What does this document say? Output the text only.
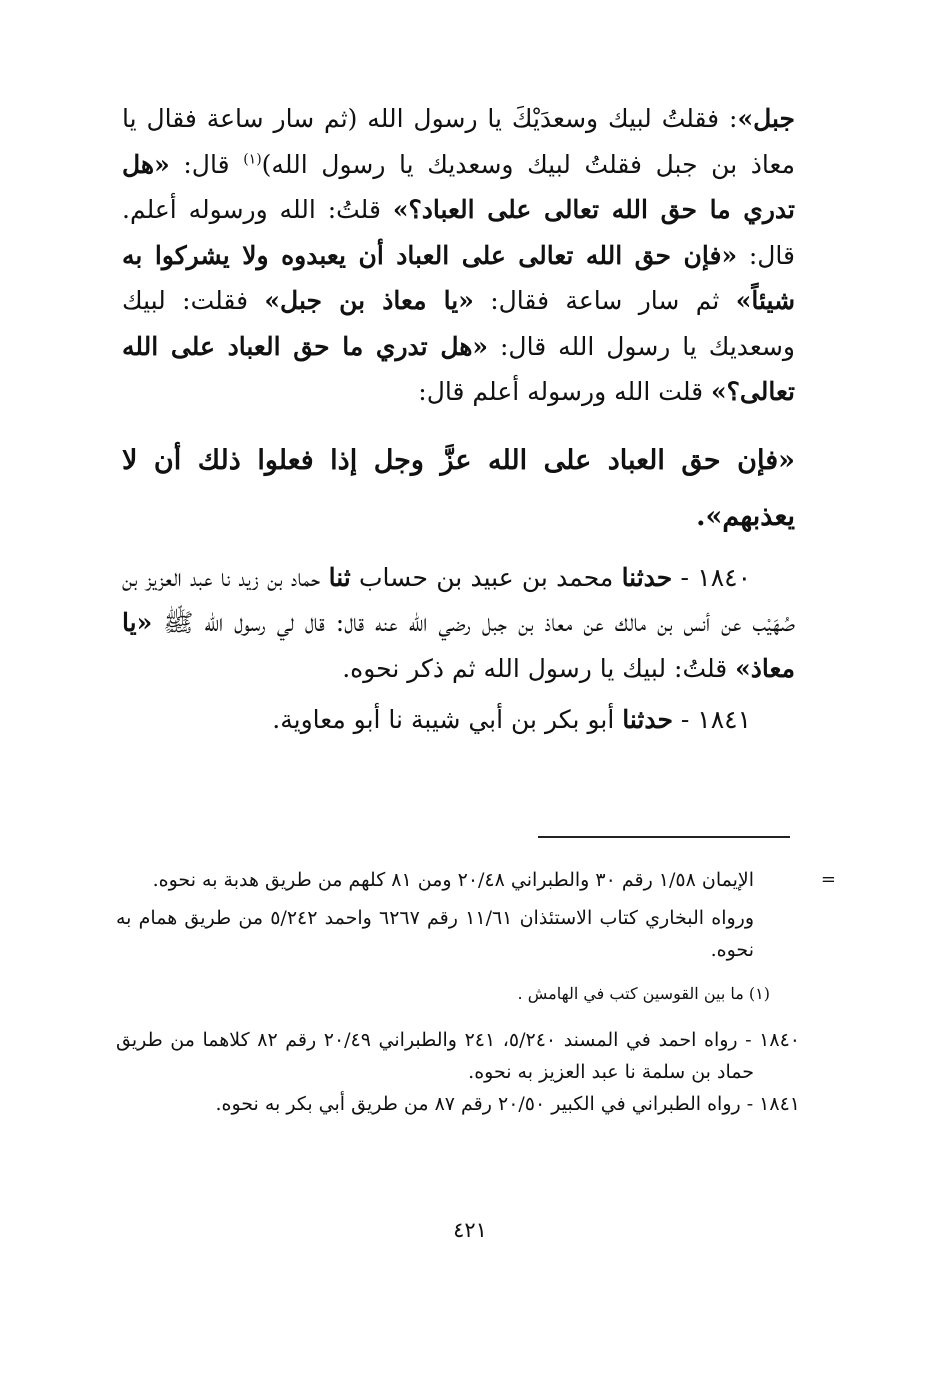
جبل»: فقلتُ لبيك وسعدَيْكَ يا رسول الله (ثم سار ساعة فقال يا معاذ بن جبل فقلتُ لبيك وسعديك يا رسول الله)$^{(١)}$ قال: «هل تدري ما حق الله تعالى على العباد؟» قلتُ: الله ورسوله أعلم. قال: «فإن حق الله تعالى على العباد أن يعبدوه ولا يشركوا به شيئاً» ثم سار ساعة فقال: «يا معاذ بن جبل» فقلت: لبيك وسعديك يا رسول الله قال: «هل تدري ما حق العباد على الله تعالى؟» قلت الله ورسوله أعلم قال:

«فإن حق العباد على الله عزَّ وجل إذا فعلوا ذلك أن لا يعذبهم».

١٨٤٠ - حدثنا محمد بن عبيد بن حساب ثنا حماد بن زيد نا عبد العزيز بن صُهَيْب عن أنس بن مالك عن معاذ بن جبل رضي الله عنه قال: قال لي رسول الله ﷺ «يا معاذ» قلتُ: لبيك يا رسول الله ثم ذكر نحوه.

١٨٤١ - حدثنا أبو بكر بن أبي شيبة نا أبو معاوية.

=
الإيمان ١/٥٨ رقم ٣٠ والطبراني ٢٠/٤٨ ومن ٨١ كلهم من طريق هدبة به نحوه.

ورواه البخاري كتاب الاستئذان ١١/٦١ رقم ٦٢٦٧ واحمد ٥/٢٤٢ من طريق همام به نحوه.

(١) ما بين القوسين كتب في الهامش .

١٨٤٠ - رواه احمد في المسند ٥/٢٤٠، ٢٤١ والطبراني ٢٠/٤٩ رقم ٨٢ كلاهما من طريق حماد بن سلمة نا عبد العزيز به نحوه.

١٨٤١ - رواه الطبراني في الكبير ٢٠/٥٠ رقم ٨٧ من طريق أبي بكر به نحوه.

٤٢١
